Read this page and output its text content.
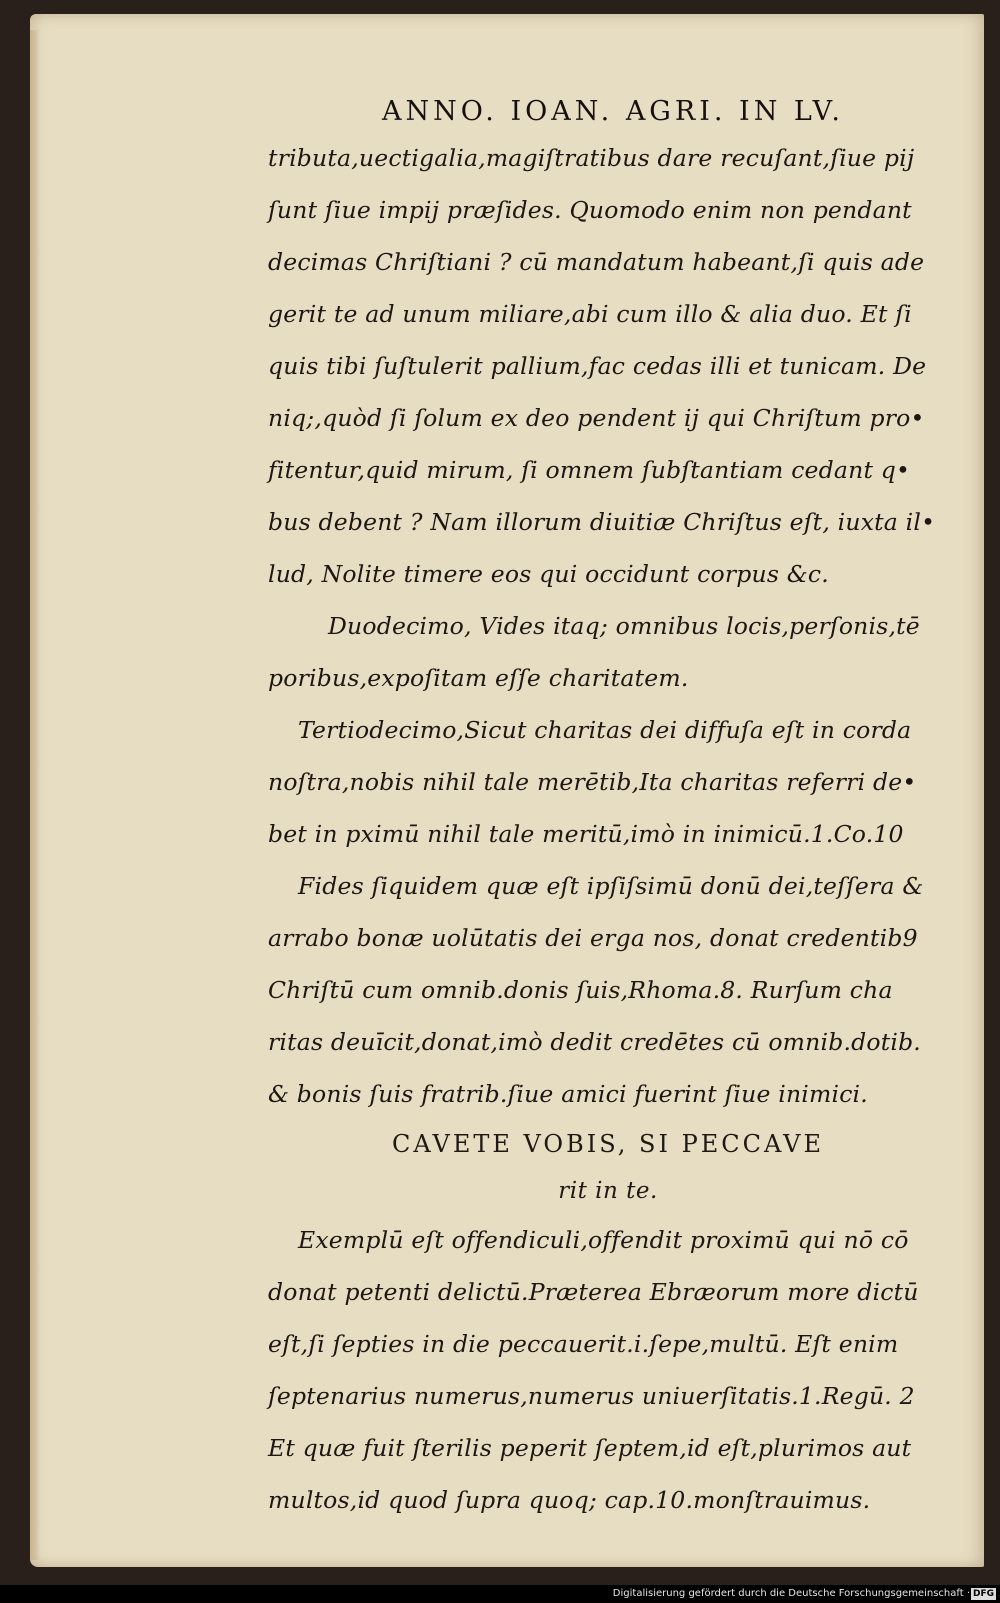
ANNO. IOAN. AGRI. IN LV.
tributa,uectigalia,magiſtratibus dare recuſant,ſiue pij
ſunt ſiue impij præſides. Quomodo enim non pendant
decimas Chriſtiani ? cū mandatum habeant,ſi quis ade
gerit te ad unum miliare,abi cum illo & alia duo. Et ſi
quis tibi ſuſtulerit pallium,fac cedas illi et tunicam. De
niq;,quòd ſi ſolum ex deo pendent ij qui Chriſtum pro•
fitentur,quid mirum, ſi omnem ſubſtantiam cedant q•
bus debent ? Nam illorum diuitiæ Chriſtus eſt, iuxta il•
lud, Nolite timere eos qui occidunt corpus &c.
Duodecimo, Vides itaq; omnibus locis,perſonis,tē
poribus,expoſitam eſſe charitatem.
Tertiodecimo,Sicut charitas dei diffuſa eſt in corda
noſtra,nobis nihil tale merētib,Ita charitas referri de•
bet in pximū nihil tale meritū,imò in inimicū.1.Co.10
Fides ſiquidem quæ eſt ipſiſsimū donū dei,teſſera &
arrabo bonæ uolūtatis dei erga nos, donat credentib9
Chriſtū cum omnib.donis ſuis,Rhoma.8. Rurſum cha
ritas deuīcit,donat,imò dedit credētes cū omnib.dotib.
& bonis ſuis fratrib.ſiue amici fuerint ſiue inimici.
CAVETE VOBIS, SI PECCAVE
rit in te.
Exemplū eſt offendiculi,offendit proximū qui nō cō
donat petenti delictū.Præterea Ebræorum more dictū
eſt,ſi ſepties in die peccauerit.i.ſepe,multū. Eſt enim
ſeptenarius numerus,numerus uniuerſitatis.1.Regū. 2
Et quæ fuit ſterilis peperit ſeptem,id eſt,plurimos aut
multos,id quod ſupra quoq; cap.10.monſtrauimus.
Digitalisierung gefördert durch die Deutsche Forschungsgemeinschaft · DFG
